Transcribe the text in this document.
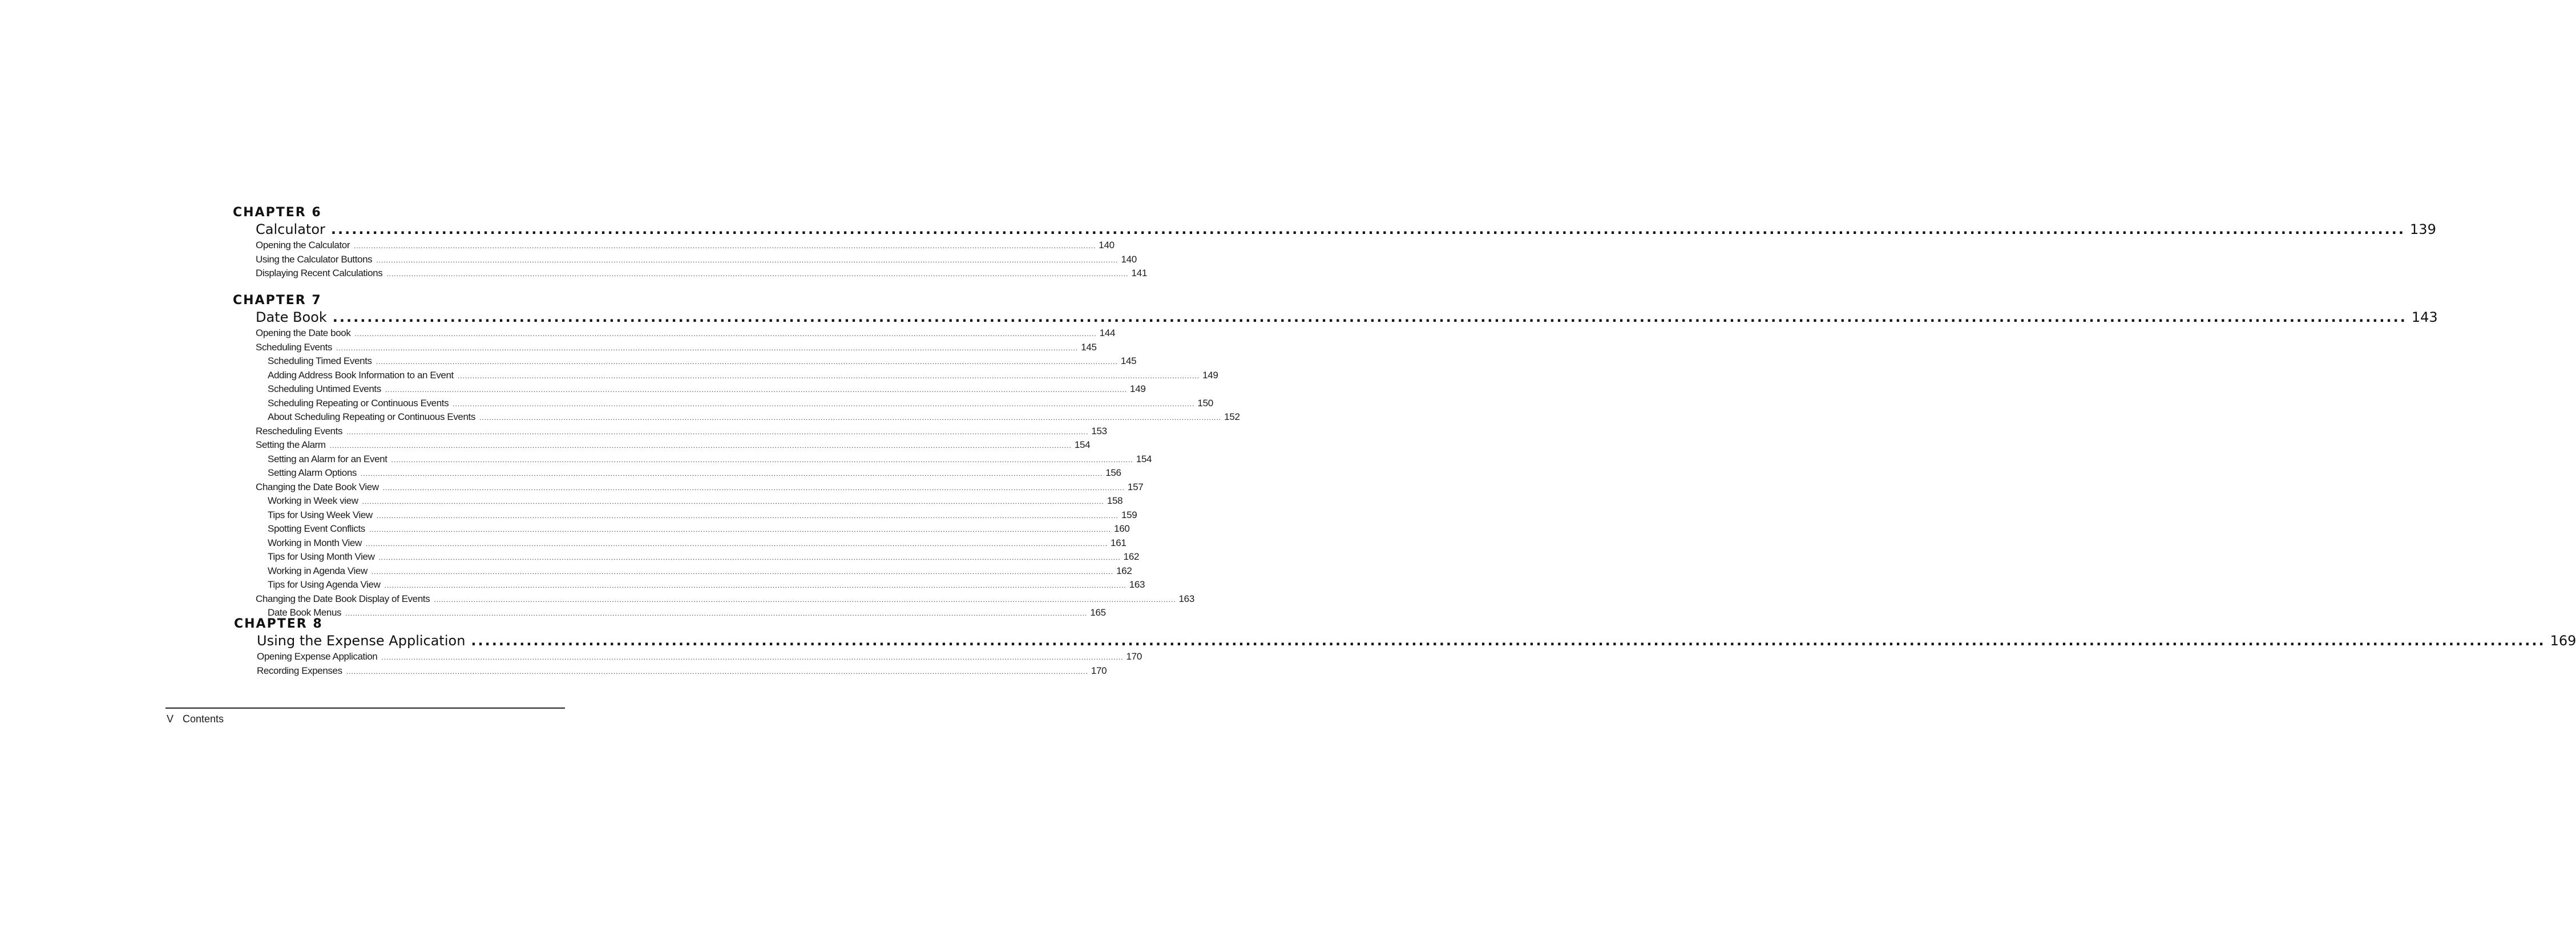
CHAPTER 6
Calculator ............................................................................................................................................................................................................................................................................................................ 139
Opening the Calculator ............................................................................................................................................................................................................................................................................................................ 140
Using the Calculator Buttons ............................................................................................................................................................................................................................................................................................................ 140
Displaying Recent Calculations ............................................................................................................................................................................................................................................................................................................ 141
CHAPTER 7
Date Book ............................................................................................................................................................................................................................................................................................................ 143
Opening the Date book ............................................................................................................................................................................................................................................................................................................ 144
Scheduling Events ............................................................................................................................................................................................................................................................................................................ 145
Scheduling Timed Events ............................................................................................................................................................................................................................................................................................................ 145
Adding Address Book Information to an Event ............................................................................................................................................................................................................................................................................................................ 149
Scheduling Untimed Events ............................................................................................................................................................................................................................................................................................................ 149
Scheduling Repeating or Continuous Events ............................................................................................................................................................................................................................................................................................................ 150
About Scheduling Repeating or Continuous Events ............................................................................................................................................................................................................................................................................................................ 152
Rescheduling Events ............................................................................................................................................................................................................................................................................................................ 153
Setting the Alarm ............................................................................................................................................................................................................................................................................................................ 154
Setting an Alarm for an Event ............................................................................................................................................................................................................................................................................................................ 154
Setting Alarm Options ............................................................................................................................................................................................................................................................................................................ 156
Changing the Date Book View ............................................................................................................................................................................................................................................................................................................ 157
Working in Week view ............................................................................................................................................................................................................................................................................................................ 158
Tips for Using Week View ............................................................................................................................................................................................................................................................................................................ 159
Spotting Event Conflicts ............................................................................................................................................................................................................................................................................................................ 160
Working in Month View ............................................................................................................................................................................................................................................................................................................ 161
Tips for Using Month View ............................................................................................................................................................................................................................................................................................................ 162
Working in Agenda View ............................................................................................................................................................................................................................................................................................................ 162
Tips for Using Agenda View ............................................................................................................................................................................................................................................................................................................ 163
Changing the Date Book Display of Events ............................................................................................................................................................................................................................................................................................................ 163
Date Book Menus ............................................................................................................................................................................................................................................................................................................ 165
CHAPTER 8
Using the Expense Application ............................................................................................................................................................................................................................................................................................................ 169
Opening Expense Application ............................................................................................................................................................................................................................................................................................................ 170
Recording Expenses ............................................................................................................................................................................................................................................................................................................ 170
V Contents
